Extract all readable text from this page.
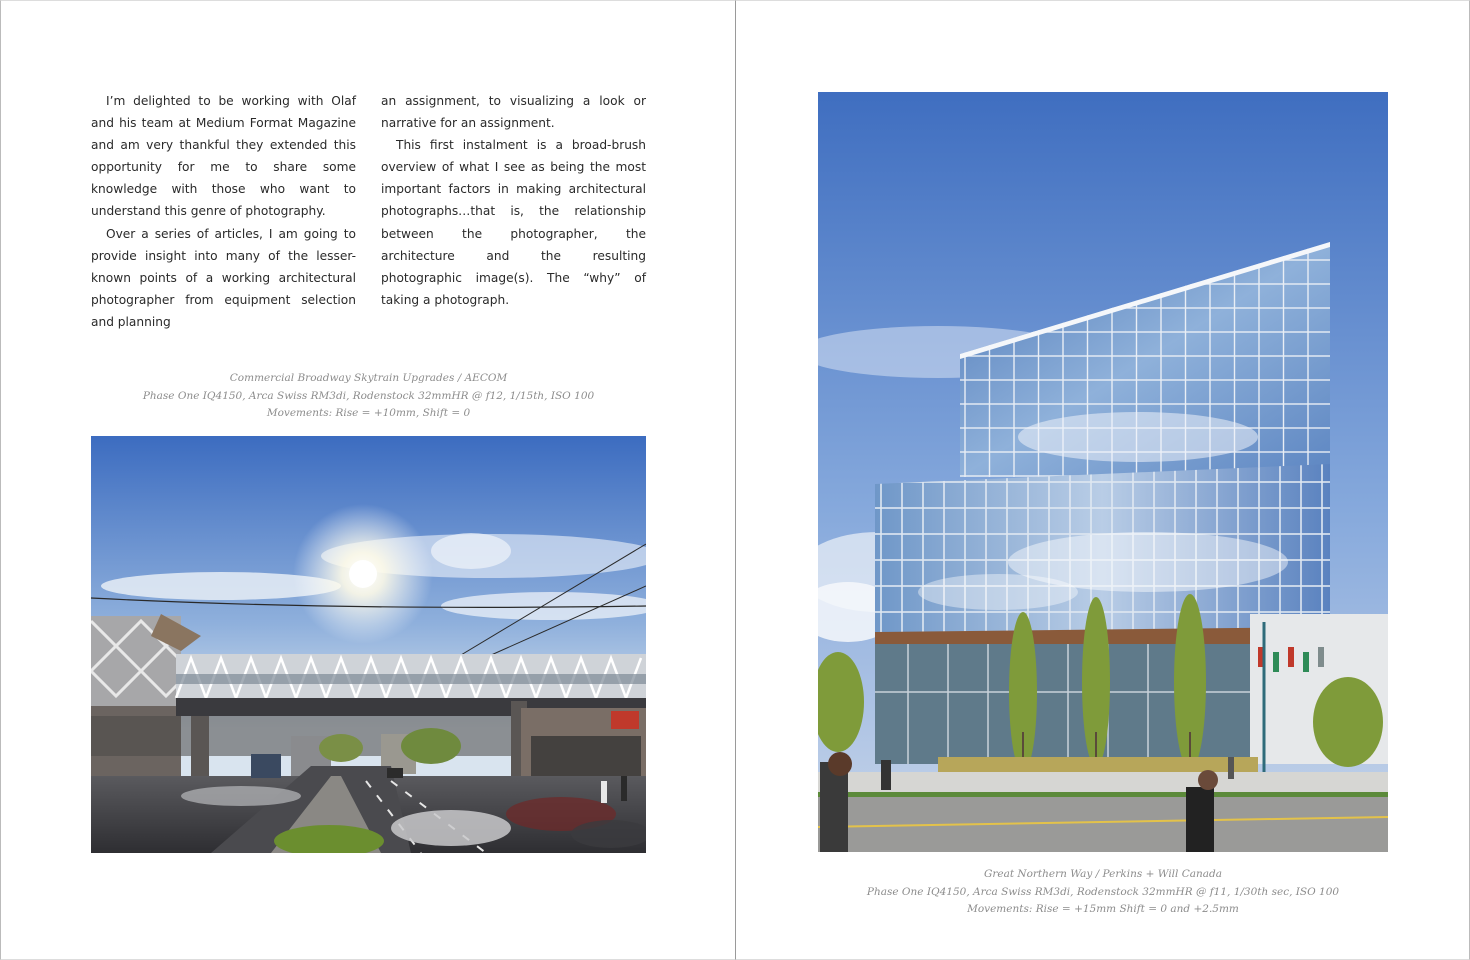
I’m delighted to be working with Olaf and his team at Medium Format Magazine and am very thankful they extended this opportunity for me to share some knowledge with those who want to understand this genre of photography.

Over a series of articles, I am going to provide insight into many of the lesser-known points of a working architectural photographer from equipment selection and planning

an assignment, to visualizing a look or narrative for an assignment.

This first instalment is a broad-brush overview of what I see as being the most important factors in making architectural photographs…that is, the relationship between the photographer, the architecture and the resulting photographic image(s). The “why” of taking a photograph.

Commercial Broadway Skytrain Upgrades / AECOM
Phase One IQ4150, Arca Swiss RM3di, Rodenstock 32mmHR @ f12, 1/15th, ISO 100
Movements: Rise = +10mm, Shift = 0
Great Northern Way / Perkins + Will Canada
Phase One IQ4150, Arca Swiss RM3di, Rodenstock 32mmHR @ f11, 1/30th sec, ISO 100
Movements: Rise = +15mm Shift = 0 and +2.5mm
